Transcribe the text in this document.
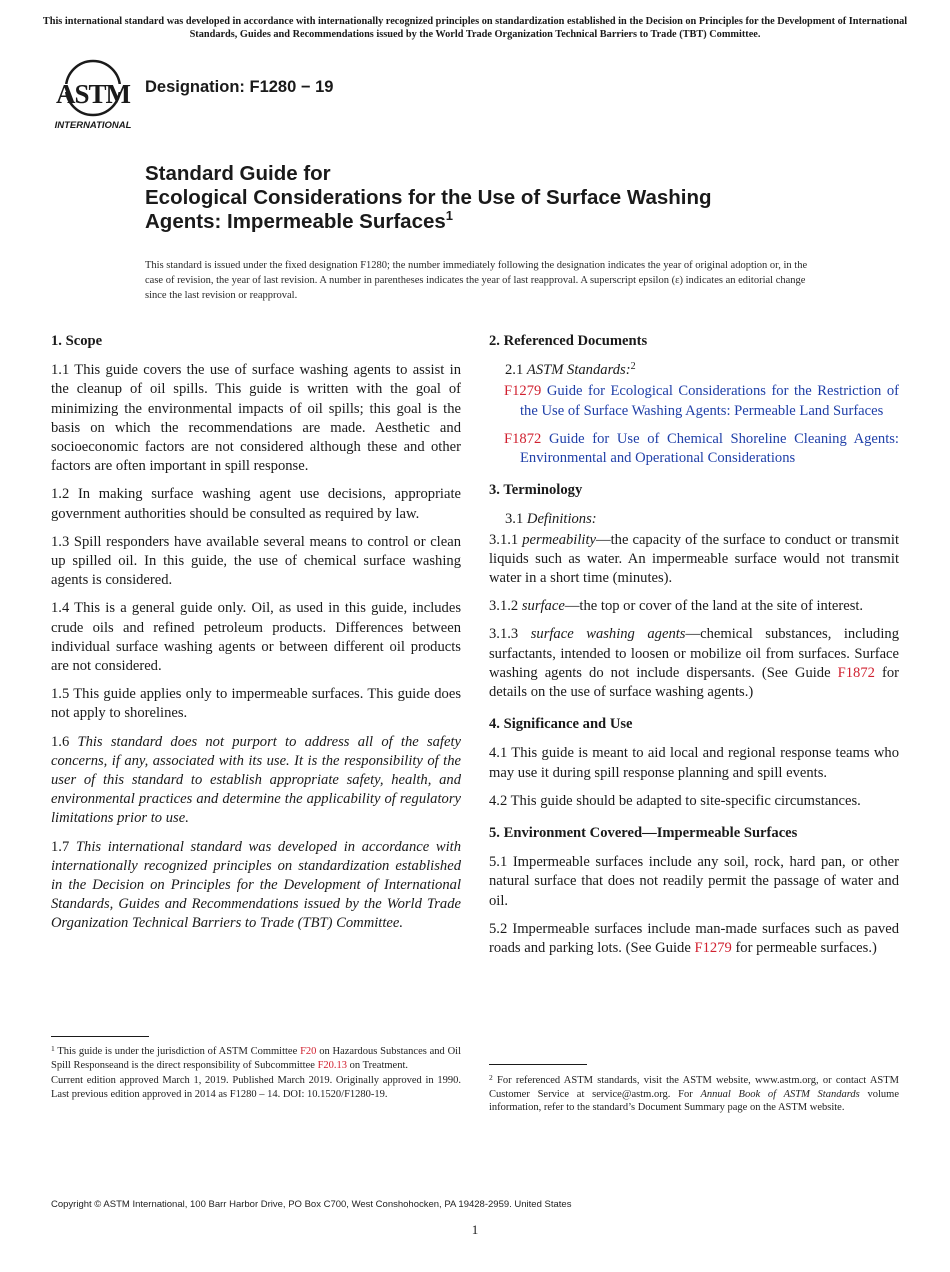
This international standard was developed in accordance with internationally recognized principles on standardization established in the Decision on Principles for the Development of International Standards, Guides and Recommendations issued by the World Trade Organization Technical Barriers to Trade (TBT) Committee.
ASTM
INTERNATIONAL
Designation: F1280 − 19
Standard Guide for
Ecological Considerations for the Use of Surface Washing
Agents: Impermeable Surfaces$^1$
This standard is issued under the fixed designation F1280; the number immediately following the designation indicates the year of original adoption or, in the case of revision, the year of last revision. A number in parentheses indicates the year of last reapproval. A superscript epsilon (ε) indicates an editorial change since the last revision or reapproval.
1. Scope

1.1 This guide covers the use of surface washing agents to assist in the cleanup of oil spills. This guide is written with the goal of minimizing the environmental impacts of oil spills; this goal is the basis on which the recommendations are made. Aesthetic and socioeconomic factors are not considered although these and other factors are often important in spill response.

1.2 In making surface washing agent use decisions, appropriate government authorities should be consulted as required by law.

1.3 Spill responders have available several means to control or clean up spilled oil. In this guide, the use of chemical surface washing agents is considered.

1.4 This is a general guide only. Oil, as used in this guide, includes crude oils and refined petroleum products. Differences between individual surface washing agents or between different oil products are not considered.

1.5 This guide applies only to impermeable surfaces. This guide does not apply to shorelines.

1.6 This standard does not purport to address all of the safety concerns, if any, associated with its use. It is the responsibility of the user of this standard to establish appropriate safety, health, and environmental practices and determine the applicability of regulatory limitations prior to use.

1.7 This international standard was developed in accordance with internationally recognized principles on standardization established in the Decision on Principles for the Development of International Standards, Guides and Recommendations issued by the World Trade Organization Technical Barriers to Trade (TBT) Committee.

$^1$ This guide is under the jurisdiction of ASTM Committee F20 on Hazardous Substances and Oil Spill Responseand is the direct responsibility of Subcommittee F20.13 on Treatment.

Current edition approved March 1, 2019. Published March 2019. Originally approved in 1990. Last previous edition approved in 2014 as F1280 – 14. DOI: 10.1520/F1280-19.

2. Referenced Documents

2.1 ASTM Standards:$^2$

F1279 Guide for Ecological Considerations for the Restriction of the Use of Surface Washing Agents: Permeable Land Surfaces

F1872 Guide for Use of Chemical Shoreline Cleaning Agents: Environmental and Operational Considerations

3. Terminology

3.1 Definitions:

3.1.1 permeability—the capacity of the surface to conduct or transmit liquids such as water. An impermeable surface would not transmit water in a short time (minutes).

3.1.2 surface—the top or cover of the land at the site of interest.

3.1.3 surface washing agents—chemical substances, including surfactants, intended to loosen or mobilize oil from surfaces. Surface washing agents do not include dispersants. (See Guide F1872 for details on the use of surface washing agents.)

4. Significance and Use

4.1 This guide is meant to aid local and regional response teams who may use it during spill response planning and spill events.

4.2 This guide should be adapted to site-specific circumstances.

5. Environment Covered—Impermeable Surfaces

5.1 Impermeable surfaces include any soil, rock, hard pan, or other natural surface that does not readily permit the passage of water and oil.

5.2 Impermeable surfaces include man-made surfaces such as paved roads and parking lots. (See Guide F1279 for permeable surfaces.)

$^2$ For referenced ASTM standards, visit the ASTM website, www.astm.org, or contact ASTM Customer Service at service@astm.org. For Annual Book of ASTM Standards volume information, refer to the standard’s Document Summary page on the ASTM website.

Copyright © ASTM International, 100 Barr Harbor Drive, PO Box C700, West Conshohocken, PA 19428-2959. United States
1
